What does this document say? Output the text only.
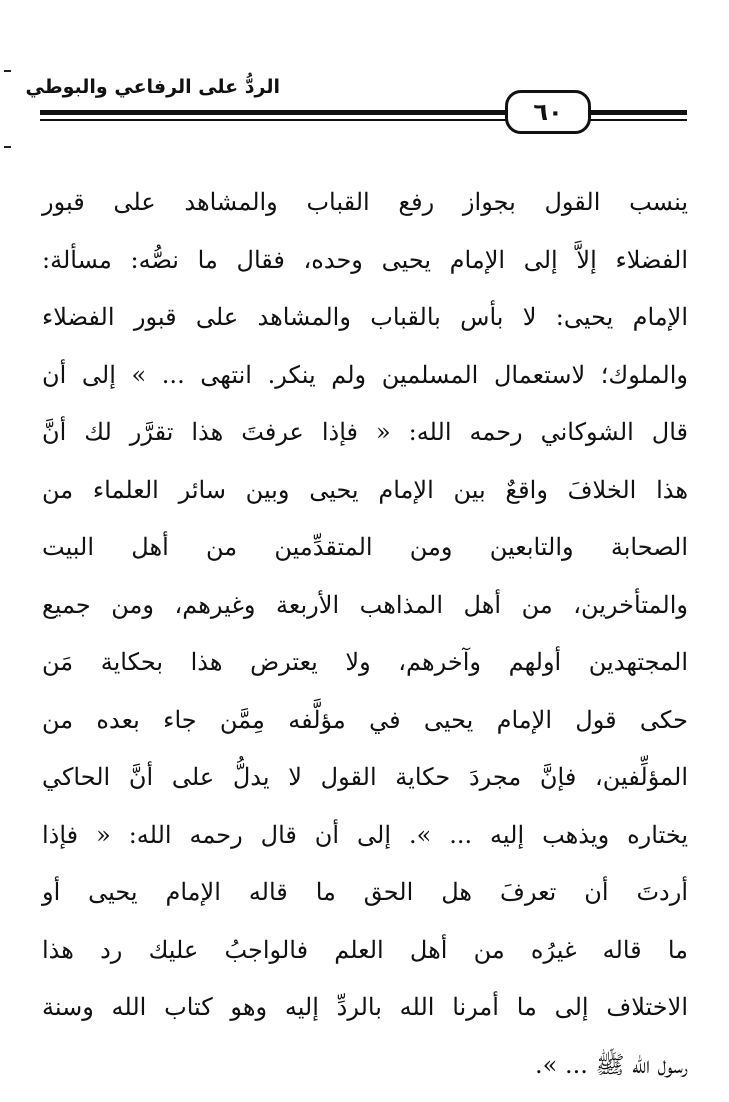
الردُّ على الرفاعي والبوطي
٦٠
ينسب القول بجواز رفع القباب والمشاهد على قبور
الفضلاء إلاَّ إلى الإمام يحيى وحده، فقال ما نصُّه: مسألة:
الإمام يحيى: لا بأس بالقباب والمشاهد على قبور الفضلاء
والملوك؛ لاستعمال المسلمين ولم ينكر. انتهى ... » إلى أن
قال الشوكاني رحمه الله: « فإذا عرفتَ هذا تقرَّر لك أنَّ
هذا الخلافَ واقعٌ بين الإمام يحيى وبين سائر العلماء من
الصحابة والتابعين ومن المتقدِّمين من أهل البيت
والمتأخرين، من أهل المذاهب الأربعة وغيرهم، ومن جميع
المجتهدين أولهم وآخرهم، ولا يعترض هذا بحكاية مَن
حكى قول الإمام يحيى في مؤلَّفه مِمَّن جاء بعده من
المؤلِّفين، فإنَّ مجردَ حكاية القول لا يدلُّ على أنَّ الحاكي
يختاره ويذهب إليه ... ». إلى أن قال رحمه الله: « فإذا
أردتَ أن تعرفَ هل الحق ما قاله الإمام يحيى أو
ما قاله غيرُه من أهل العلم فالواجبُ عليك رد هذا
الاختلاف إلى ما أمرنا الله بالردِّ إليه وهو كتاب الله وسنة
رسول الله ﷺ ... ».
